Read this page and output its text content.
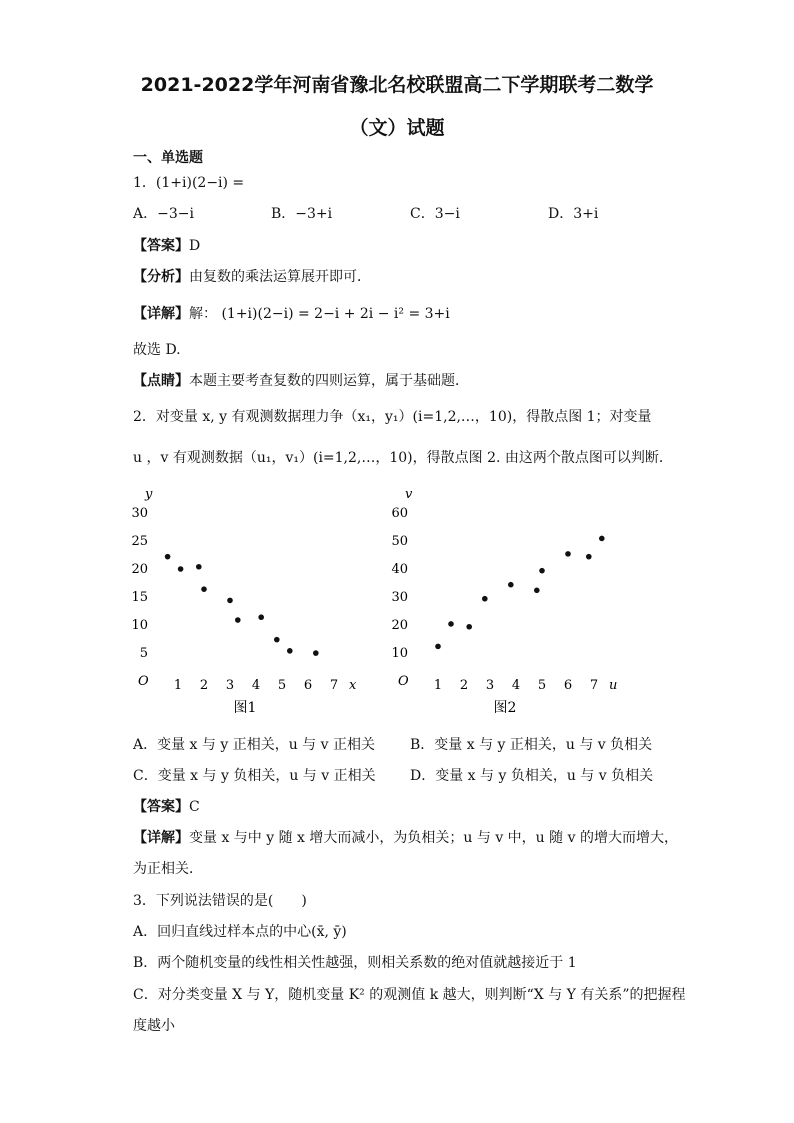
2021-2022学年河南省豫北名校联盟高二下学期联考二数学
（文）试题
一、单选题
1．(1+i)(2−i) =
A．−3−i	B．−3+i	C．3−i	D．3+i
【答案】D
【分析】由复数的乘法运算展开即可．
【详解】解： (1+i)(2−i) = 2−i + 2i − i² = 3+i
故选 D.
【点睛】本题主要考查复数的四则运算，属于基础题．
2．对变量 x, y 有观测数据理力争（x₁，y₁）(i=1,2,…，10)，得散点图 1；对变量
u ，v 有观测数据（u₁，v₁）(i=1,2,…，10)，得散点图 2. 由这两个散点图可以判断．
y
5
10
15
20
25
30
1 2 3 4 5 6 7
O	x
图1
v
10
20
30
40
50
60
1 2 3 4 5 6 7
O	u
图2
A．变量 x 与 y 正相关，u 与 v 正相关	B．变量 x 与 y 正相关，u 与 v 负相关
C．变量 x 与 y 负相关，u 与 v 正相关 D．变量 x 与 y 负相关，u 与 v 负相关
【答案】C
【详解】变量 x 与中 y 随 x 增大而减小，为负相关；u 与 v 中，u 随 v 的增大而增大，
为正相关．
3．下列说法错误的是(　　)
A．回归直线过样本点的中心(x̄, ȳ)
B．两个随机变量的线性相关性越强，则相关系数的绝对值就越接近于 1
C．对分类变量 X 与 Y，随机变量 K² 的观测值 k 越大，则判断“X 与 Y 有关系”的把握程
度越小
